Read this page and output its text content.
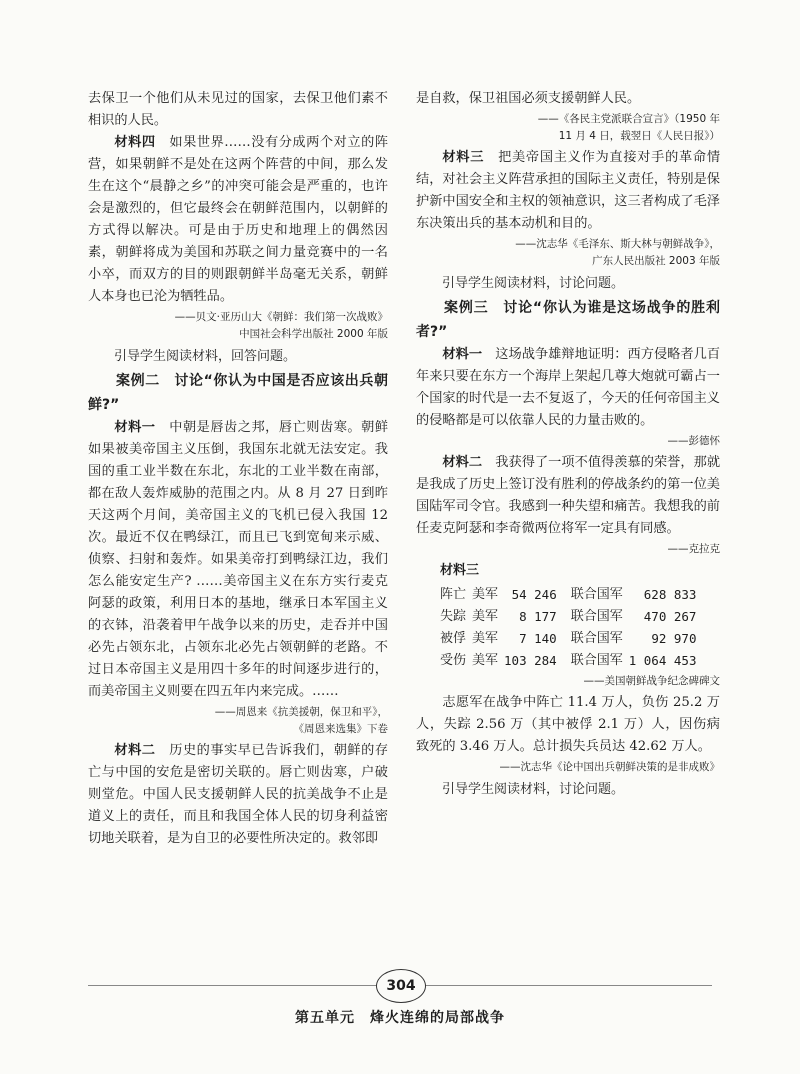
去保卫一个他们从未见过的国家，去保卫他们素不相识的人民。

材料四　 如果世界……没有分成两个对立的阵营，如果朝鲜不是处在这两个阵营的中间，那么发生在这个“晨静之乡”的冲突可能会是严重的，也许会是激烈的，但它最终会在朝鲜范围内，以朝鲜的方式得以解决。可是由于历史和地理上的偶然因素，朝鲜将成为美国和苏联之间力量竞赛中的一名小卒，而双方的目的则跟朝鲜半岛毫无关系，朝鲜人本身也已沦为牺牲品。

——贝文·亚历山大《朝鲜：我们第一次战败》
中国社会科学出版社 2000 年版

引导学生阅读材料，回答问题。

案例二　讨论“你认为中国是否应该出兵朝鲜?”

材料一　 中朝是唇齿之邦，唇亡则齿寒。朝鲜如果被美帝国主义压倒，我国东北就无法安定。我国的重工业半数在东北，东北的工业半数在南部，都在敌人轰炸威胁的范围之内。从 8 月 27 日到昨天这两个月间，美帝国主义的飞机已侵入我国 12 次。最近不仅在鸭绿江，而且已飞到宽甸来示威、侦察、扫射和轰炸。如果美帝打到鸭绿江边，我们怎么能安定生产? ……美帝国主义在东方实行麦克阿瑟的政策，利用日本的基地，继承日本军国主义的衣钵，沿袭着甲午战争以来的历史，走吞并中国必先占领东北，占领东北必先占领朝鲜的老路。不过日本帝国主义是用四十多年的时间逐步进行的，而美帝国主义则要在四五年内来完成。……

——周恩来《抗美援朝，保卫和平》，
《周恩来选集》下卷

材料二　 历史的事实早已告诉我们，朝鲜的存亡与中国的安危是密切关联的。唇亡则齿寒，户破则堂危。中国人民支援朝鲜人民的抗美战争不止是道义上的责任，而且和我国全体人民的切身利益密切地关联着，是为自卫的必要性所决定的。救邻即

是自救，保卫祖国必须支援朝鲜人民。

——《各民主党派联合宣言》（1950 年
11 月 4 日，载翌日《人民日报》）

材料三　 把美帝国主义作为直接对手的革命情结，对社会主义阵营承担的国际主义责任，特别是保护新中国安全和主权的领袖意识，这三者构成了毛泽东决策出兵的基本动机和目的。

——沈志华《毛泽东、斯大林与朝鲜战争》，
广东人民出版社 2003 年版

引导学生阅读材料，讨论问题。

案例三　讨论“你认为谁是这场战争的胜利者?”

材料一　 这场战争雄辩地证明：西方侵略者几百年来只要在东方一个海岸上架起几尊大炮就可霸占一个国家的时代是一去不复返了，今天的任何帝国主义的侵略都是可以依靠人民的力量击败的。

——彭德怀

材料二　 我获得了一项不值得羡慕的荣誉，那就是我成了历史上签订没有胜利的停战条约的第一位美国陆军司令官。我感到一种失望和痛苦。我想我的前任麦克阿瑟和李奇微两位将军一定具有同感。

——克拉克
材料三
阵亡	美军	54 246	联合国军	628 833
失踪	美军	8 177	联合国军	470 267
被俘	美军	7 140	联合国军	92 970
受伤	美军	103 284	联合国军	1 064 453
——美国朝鲜战争纪念碑碑文

志愿军在战争中阵亡 11.4 万人，负伤 25.2 万人，失踪 2.56 万（其中被俘 2.1 万）人，因伤病致死的 3.46 万人。总计损失兵员达 42.62 万人。

——沈志华《论中国出兵朝鲜决策的是非成败》

引导学生阅读材料，讨论问题。

304
第五单元　烽火连绵的局部战争
